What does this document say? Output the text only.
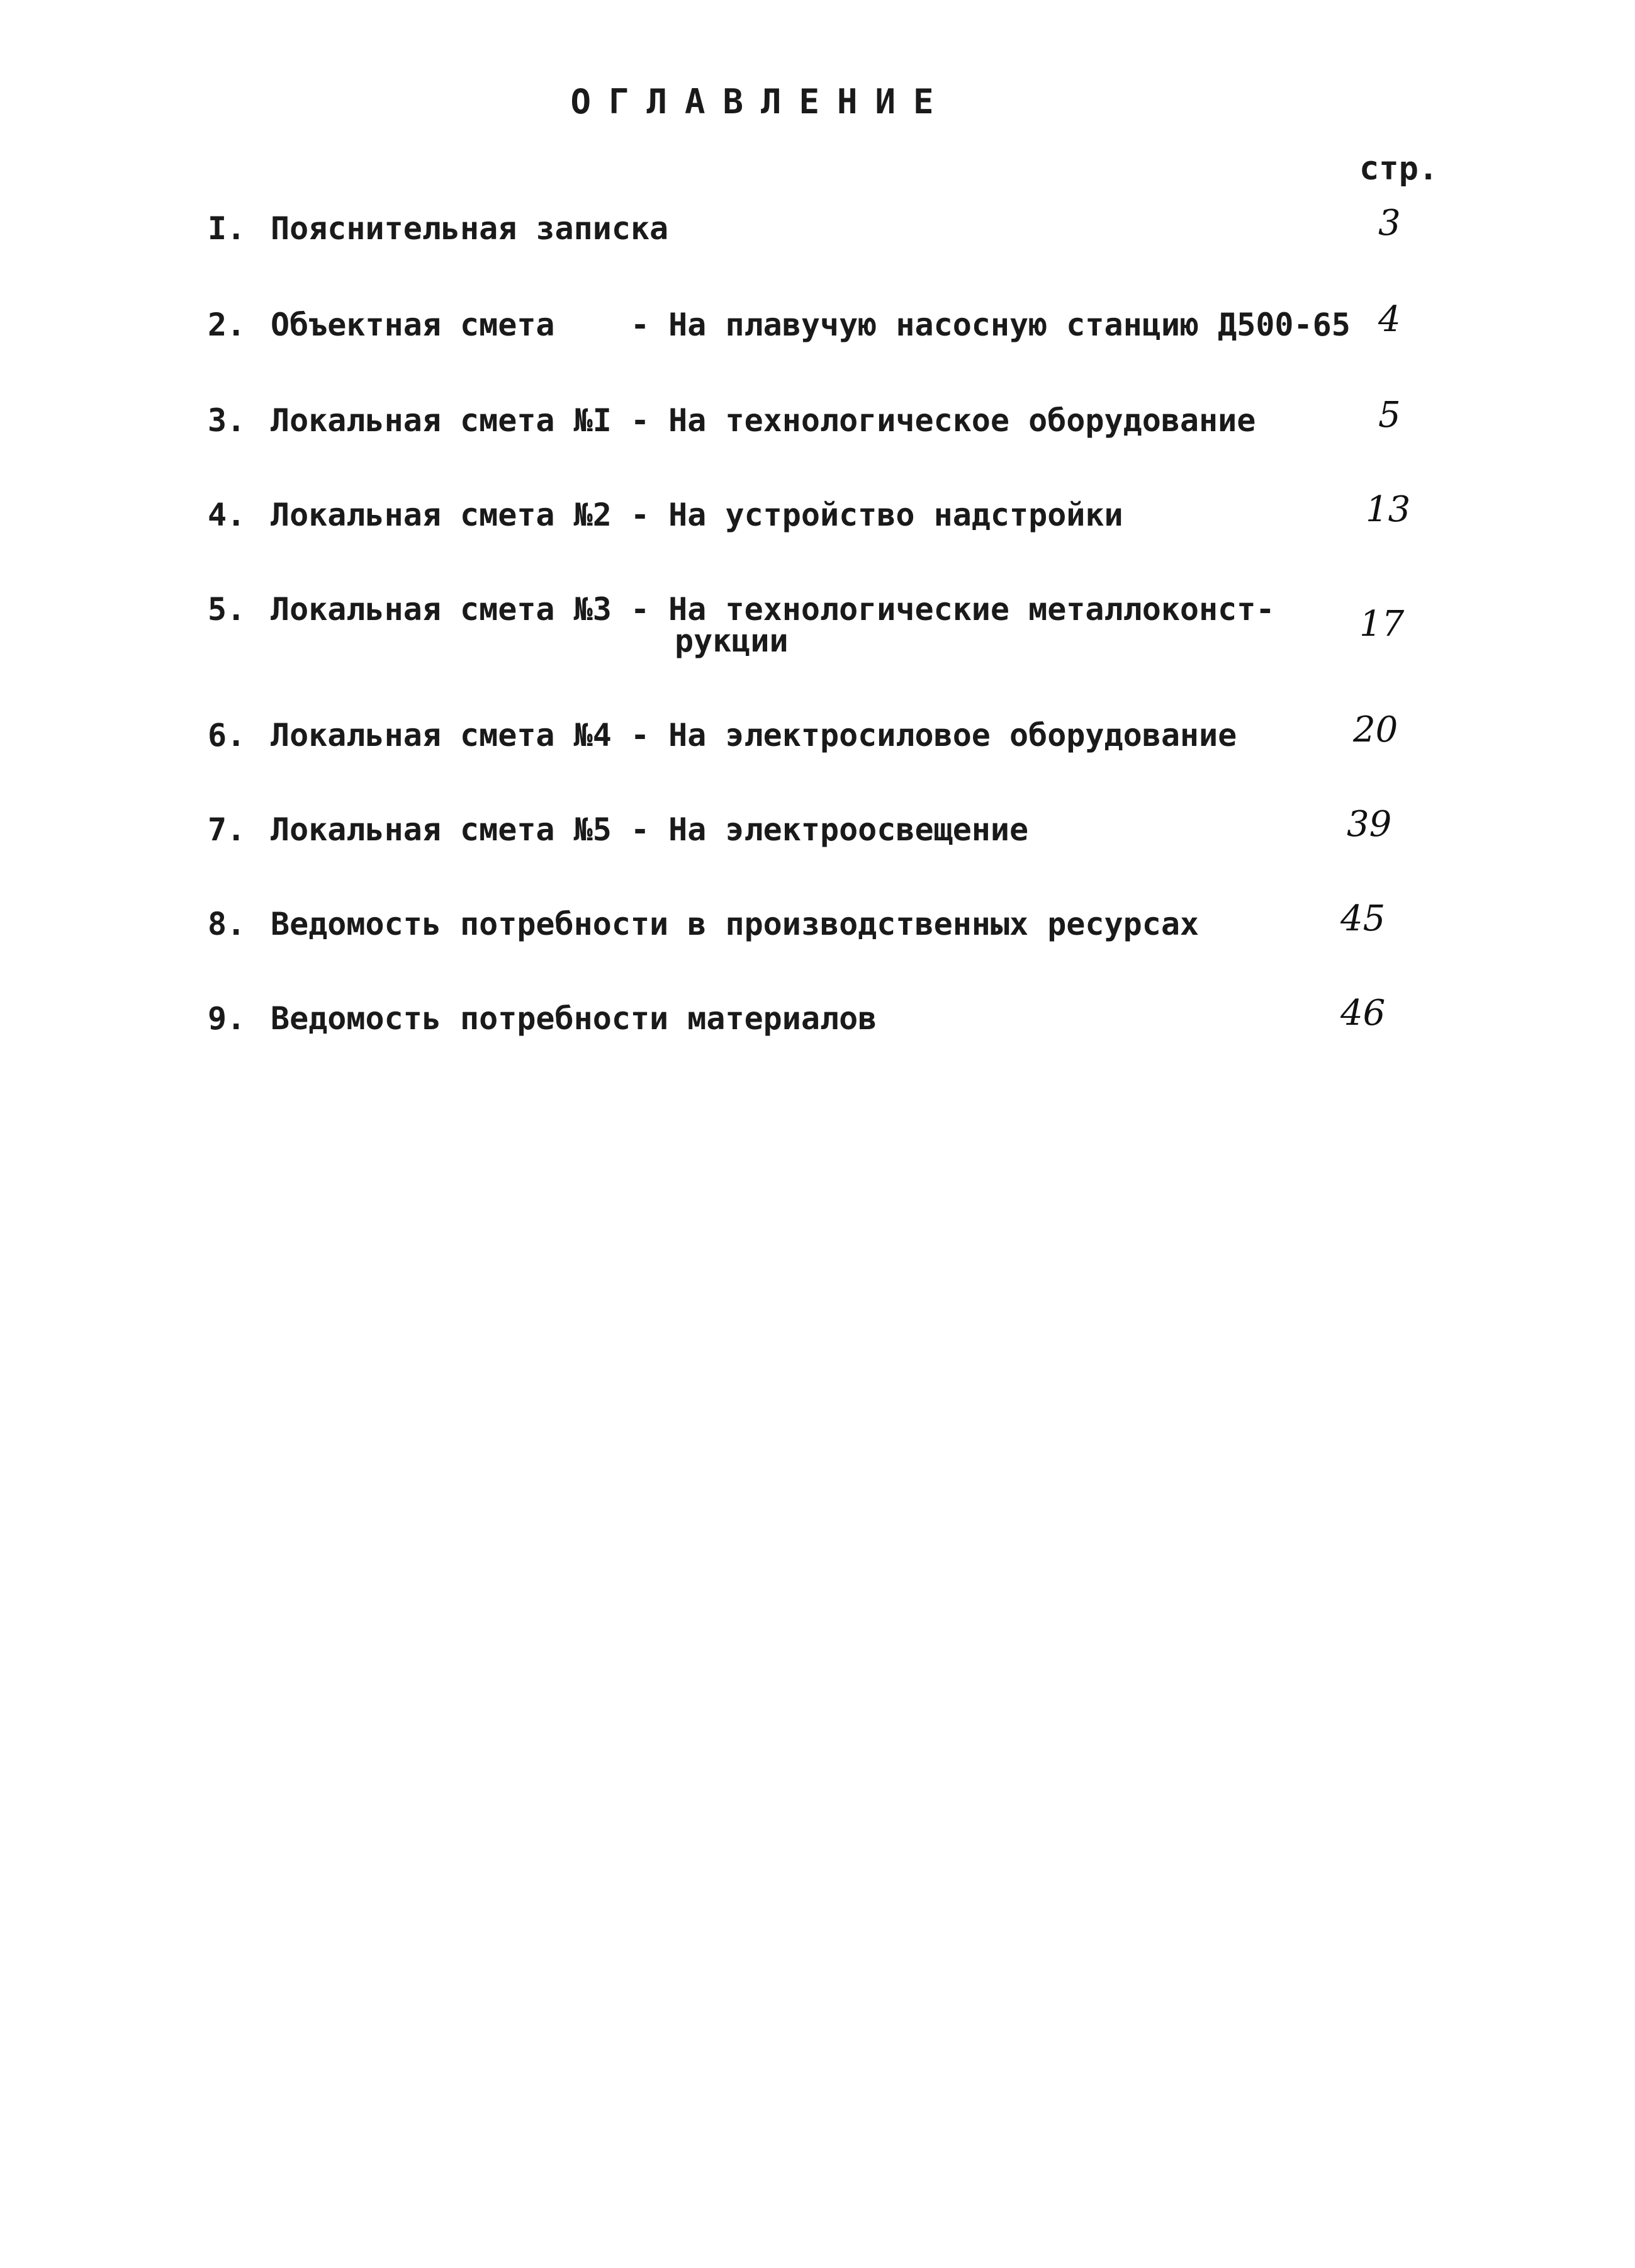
ОГЛАВЛЕНИЕ
стр.
I. Пояснительная записка	3
2. Объектная смета    - На плавучую насосную станцию Д500-65 4
3. Локальная смета №I - На технологическое оборудование	5
4. Локальная смета №2 - На устройство надстройки	13
5. Локальная смета №3 - На технологические металлоконст-
рукции	17
6. Локальная смета №4 - На электросиловое оборудование	20
7. Локальная смета №5 - На электроосвещение	39
8. Ведомость потребности в производственных ресурсах	45
9. Ведомость потребности материалов	46
